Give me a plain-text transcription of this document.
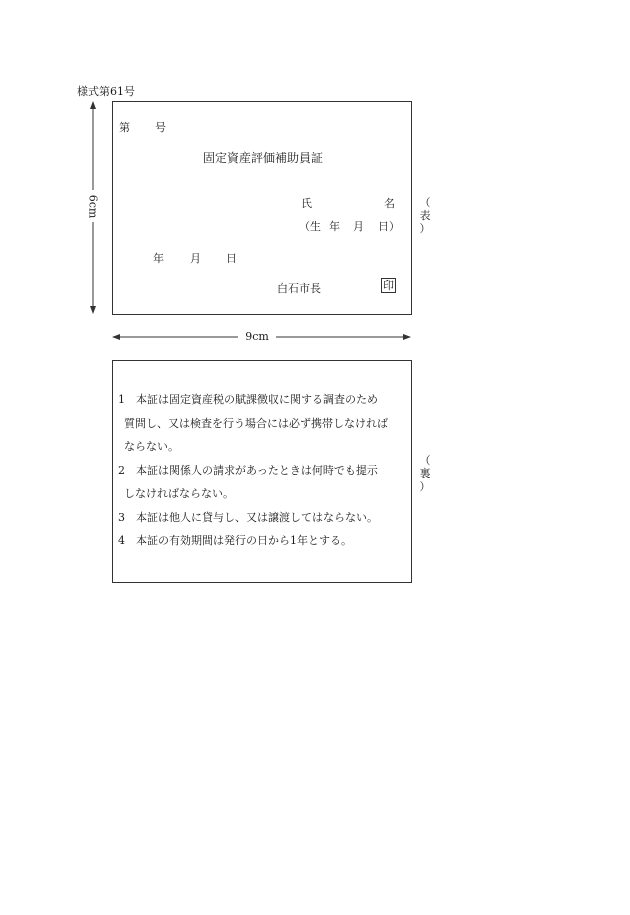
様式第61号
6cm
9cm
第 号
固定資産評価補助員証
氏	名
（生 年 月 日）
年 月 日
白石市長	印
（
表
）
1 本証は固定資産税の賦課徴収に関する調査のため
質問し、又は検査を行う場合には必ず携帯しなければ
ならない。
2 本証は関係人の請求があったときは何時でも提示
しなければならない。
3 本証は他人に貸与し、又は譲渡してはならない。
4 本証の有効期間は発行の日から1年とする。
（
裏
）
